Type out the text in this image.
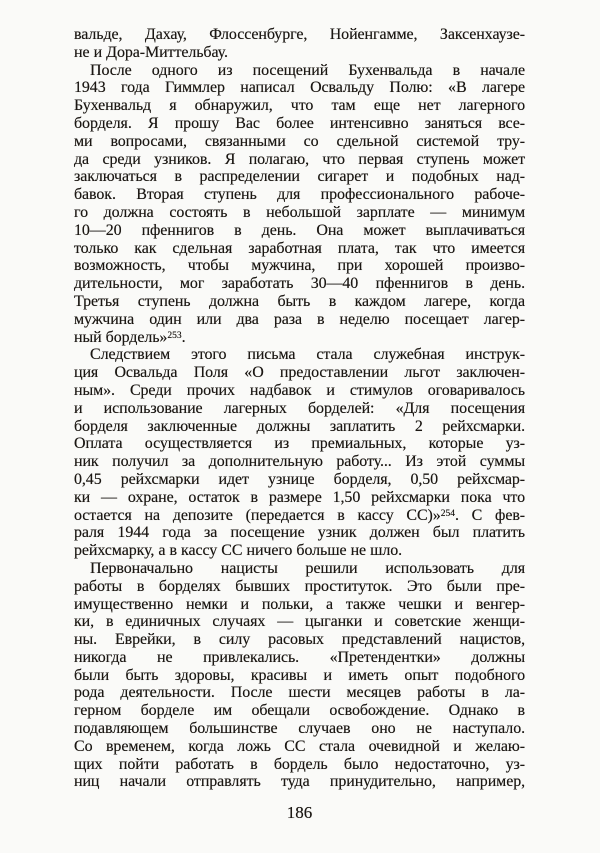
вальде, Дахау, Флоссенбурге, Нойенгамме, Заксенхаузе-
не и Дора-Миттельбау.
После одного из посещений Бухенвальда в начале
1943 года Гиммлер написал Освальду Полю: «В лагере
Бухенвальд я обнаружил, что там еще нет лагерного
борделя. Я прошу Вас более интенсивно заняться все-
ми вопросами, связанными со сдельной системой тру-
да среди узников. Я полагаю, что первая ступень может
заключаться в распределении сигарет и подобных над-
бавок. Вторая ступень для профессионального рабоче-
го должна состоять в небольшой зарплате — минимум
10—20 пфеннигов в день. Она может выплачиваться
только как сдельная заработная плата, так что имеется
возможность, чтобы мужчина, при хорошей произво-
дительности, мог заработать 30—40 пфеннигов в день.
Третья ступень должна быть в каждом лагере, когда
мужчина один или два раза в неделю посещает лагер-
ный бордель»$^{253}$.
Следствием этого письма стала служебная инструк-
ция Освальда Поля «О предоставлении льгот заключен-
ным». Среди прочих надбавок и стимулов оговаривалось
и использование лагерных борделей: «Для посещения
борделя заключенные должны заплатить 2 рейхсмарки.
Оплата осуществляется из премиальных, которые уз-
ник получил за дополнительную работу... Из этой суммы
0,45 рейхсмарки идет узнице борделя, 0,50 рейхсмар-
ки — охране, остаток в размере 1,50 рейхсмарки пока что
остается на депозите (передается в кассу СС)»$^{254}$. С фев-
раля 1944 года за посещение узник должен был платить
рейхсмарку, а в кассу СС ничего больше не шло.
Первоначально нацисты решили использовать для
работы в борделях бывших проституток. Это были пре-
имущественно немки и польки, а также чешки и венгер-
ки, в единичных случаях — цыганки и советские женщи-
ны. Еврейки, в силу расовых представлений нацистов,
никогда не привлекались. «Претендентки» должны
были быть здоровы, красивы и иметь опыт подобного
рода деятельности. После шести месяцев работы в ла-
герном борделе им обещали освобождение. Однако в
подавляющем большинстве случаев оно не наступало.
Со временем, когда ложь СС стала очевидной и желаю-
щих пойти работать в бордель было недостаточно, уз-
ниц начали отправлять туда принудительно, например,
186
